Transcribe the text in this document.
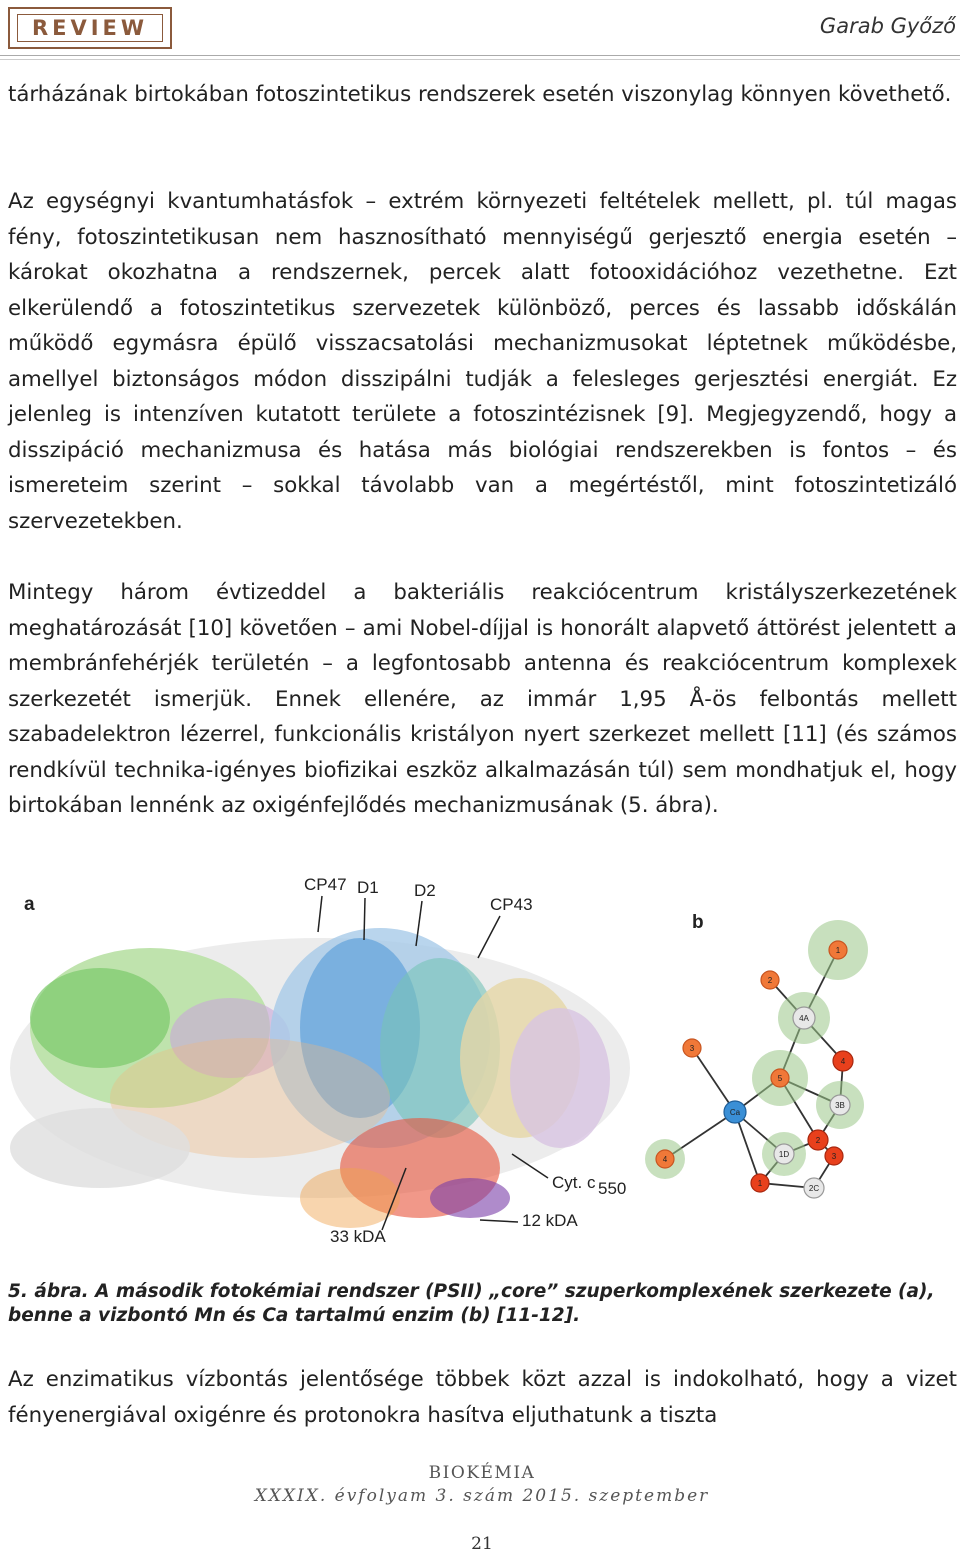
REVIEW	Garab Győző

tárházának birtokában fotoszintetikus rendszerek esetén viszonylag könnyen követhető.

Az egységnyi kvantumhatásfok – extrém környezeti feltételek mellett, pl. túl magas fény, fotoszintetikusan nem hasznosítható mennyiségű gerjesztő energia esetén – károkat okozhatna a rendszernek, percek alatt fotooxidációhoz vezethetne. Ezt elkerülendő a fotoszintetikus szervezetek különböző, perces és lassabb időskálán működő egymásra épülő visszacsatolási mechanizmusokat léptetnek működésbe, amellyel biztonságos módon disszipálni tudják a felesleges gerjesztési energiát. Ez jelenleg is intenzíven kutatott területe a fotoszintézisnek [9]. Megjegyzendő, hogy a disszipáció mechanizmusa és hatása más biológiai rendszerekben is fontos – és ismereteim szerint – sokkal távolabb van a megértéstől, mint fotoszintetizáló szervezetekben.

Mintegy három évtizeddel a bakteriális reakciócentrum kristályszerkezetének meghatározását [10] követően – ami Nobel-díjjal is honorált alapvető áttörést jelentett a membránfehérjék területén – a legfontosabb antenna és reakciócentrum komplexek szerkezetét ismerjük. Ennek ellenére, az immár 1,95 Å-ös felbontás mellett szabadelektron lézerrel, funkcionális kristályon nyert szerkezet mellett [11] (és számos rendkívül technika-igényes biofizikai eszköz alkalmazásán túl) sem mondhatjuk el, hogy birtokában lennénk az oxigénfejlődés mechanizmusának (5. ábra).

a
CP47 D1 D2
CP43
Cyt. c 550
33 kDA
12 kDA
b
1
2
4A
3
4
5
Ca
3B
2
1D	3
4
1
2C

5. ábra. A második fotokémiai rendszer (PSII) „core” szuperkomplexének szerkezete (a), benne a vizbontó Mn és Ca tartalmú enzim (b) [11-12].

Az enzimatikus vízbontás jelentősége többek közt azzal is indokolható, hogy a vizet fényenergiával oxigénre és protonokra hasítva eljuthatunk a tiszta

BIOKÉMIA
XXXIX. évfolyam 3. szám 2015. szeptember
21
